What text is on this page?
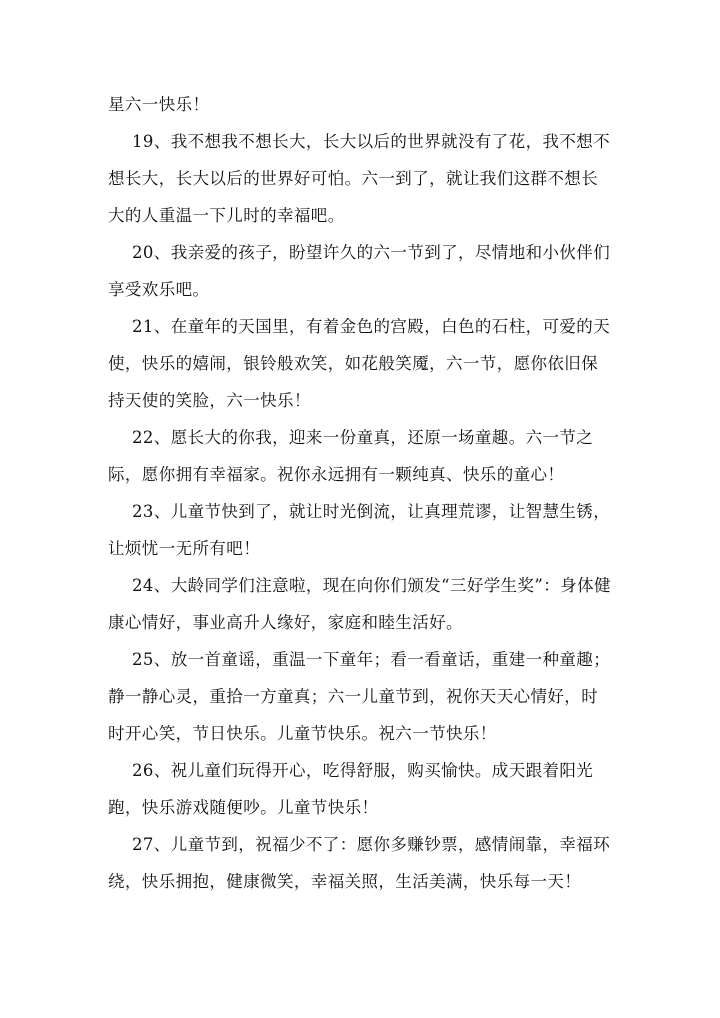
星六一快乐！

19、我不想我不想长大，长大以后的世界就没有了花，我不想不想长大，长大以后的世界好可怕。六一到了，就让我们这群不想长大的人重温一下儿时的幸福吧。

20、我亲爱的孩子，盼望许久的六一节到了，尽情地和小伙伴们享受欢乐吧。

21、在童年的天国里，有着金色的宫殿，白色的石柱，可爱的天使，快乐的嬉闹，银铃般欢笑，如花般笑魇，六一节，愿你依旧保持天使的笑脸，六一快乐！

22、愿长大的你我，迎来一份童真，还原一场童趣。六一节之际，愿你拥有幸福家。祝你永远拥有一颗纯真、快乐的童心！

23、儿童节快到了，就让时光倒流，让真理荒谬，让智慧生锈，让烦忧一无所有吧！

24、大龄同学们注意啦，现在向你们颁发“三好学生奖”：身体健康心情好，事业高升人缘好，家庭和睦生活好。

25、放一首童谣，重温一下童年；看一看童话，重建一种童趣；静一静心灵，重拾一方童真；六一儿童节到，祝你天天心情好，时时开心笑，节日快乐。儿童节快乐。祝六一节快乐！

26、祝儿童们玩得开心，吃得舒服，购买愉快。成天跟着阳光跑，快乐游戏随便吵。儿童节快乐！

27、儿童节到，祝福少不了：愿你多赚钞票，感情闹靠，幸福环绕，快乐拥抱，健康微笑，幸福关照，生活美满，快乐每一天！
